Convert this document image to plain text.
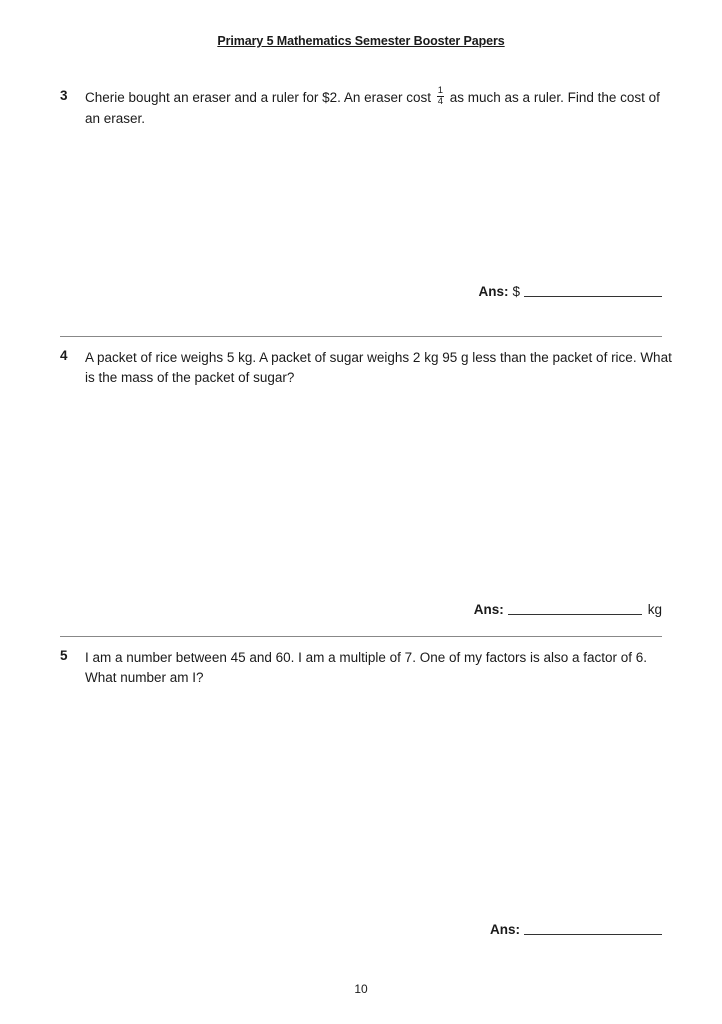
Primary 5 Mathematics Semester Booster Papers
3 Cherie bought an eraser and a ruler for $2. An eraser cost $\frac{1}{4}$ as much as a ruler. Find the cost of an eraser.
Ans: $
4 A packet of rice weighs 5 kg. A packet of sugar weighs 2 kg 95 g less than the packet of rice. What is the mass of the packet of sugar?
Ans:	kg
5 I am a number between 45 and 60. I am a multiple of 7. One of my factors is also a factor of 6. What number am I?
Ans:
10
